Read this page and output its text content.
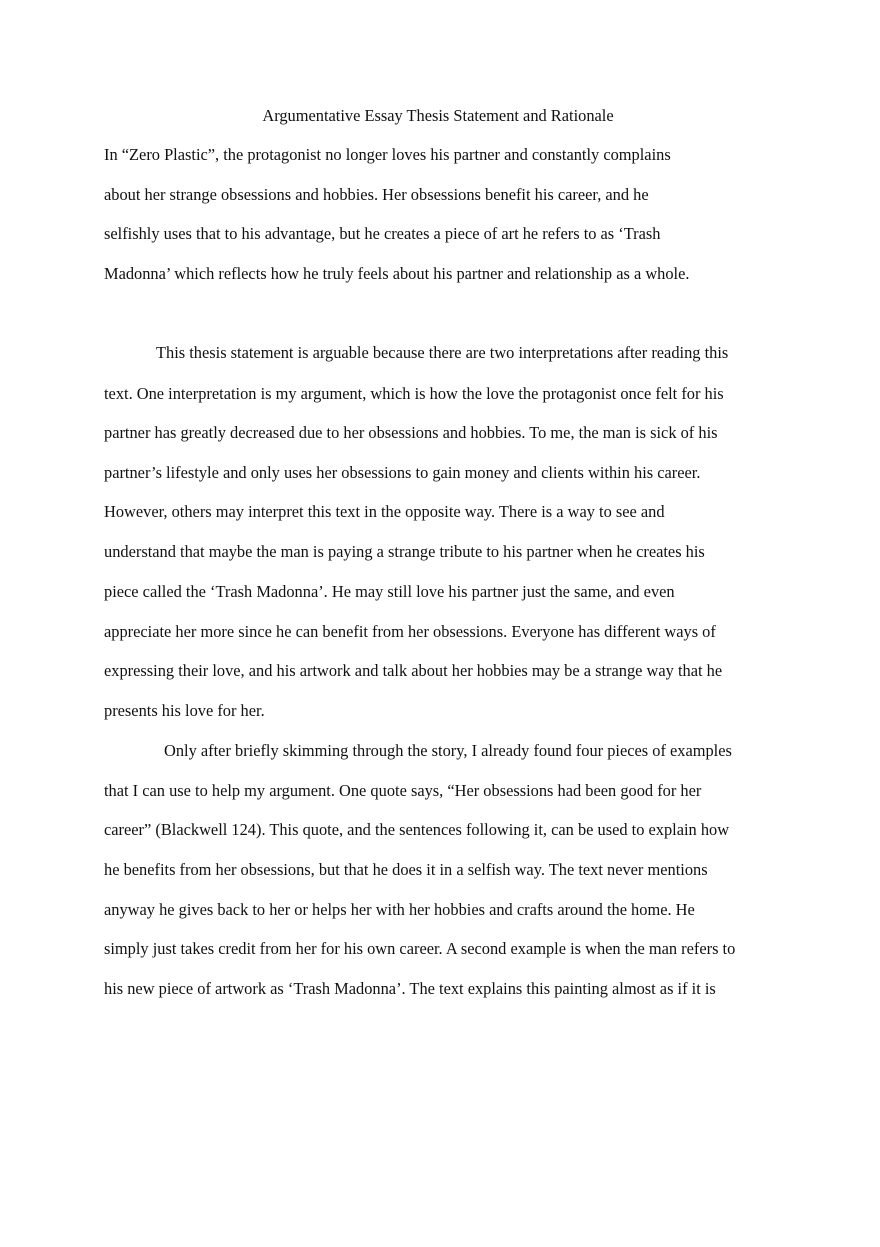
Argumentative Essay Thesis Statement and Rationale
In “Zero Plastic”, the protagonist no longer loves his partner and constantly complains
about her strange obsessions and hobbies. Her obsessions benefit his career, and he
selfishly uses that to his advantage, but he creates a piece of art he refers to as ‘Trash
Madonna’ which reflects how he truly feels about his partner and relationship as a whole.
This thesis statement is arguable because there are two interpretations after reading this
text. One interpretation is my argument, which is how the love the protagonist once felt for his
partner has greatly decreased due to her obsessions and hobbies. To me, the man is sick of his
partner’s lifestyle and only uses her obsessions to gain money and clients within his career.
However, others may interpret this text in the opposite way. There is a way to see and
understand that maybe the man is paying a strange tribute to his partner when he creates his
piece called the ‘Trash Madonna’. He may still love his partner just the same, and even
appreciate her more since he can benefit from her obsessions. Everyone has different ways of
expressing their love, and his artwork and talk about her hobbies may be a strange way that he
presents his love for her.
Only after briefly skimming through the story, I already found four pieces of examples
that I can use to help my argument. One quote says, “Her obsessions had been good for her
career” (Blackwell 124). This quote, and the sentences following it, can be used to explain how
he benefits from her obsessions, but that he does it in a selfish way. The text never mentions
anyway he gives back to her or helps her with her hobbies and crafts around the home. He
simply just takes credit from her for his own career. A second example is when the man refers to
his new piece of artwork as ‘Trash Madonna’. The text explains this painting almost as if it is
